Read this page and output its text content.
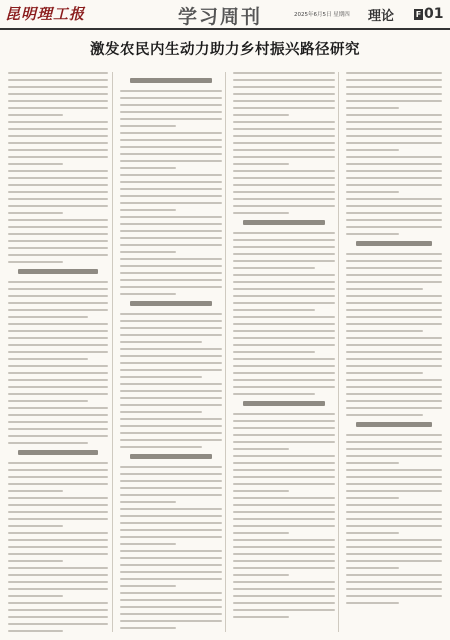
昆明理工报	学习周刊	2025年6月5日 星期四	理论	F 01
激发农民内生动力助力乡村振兴路径研究
